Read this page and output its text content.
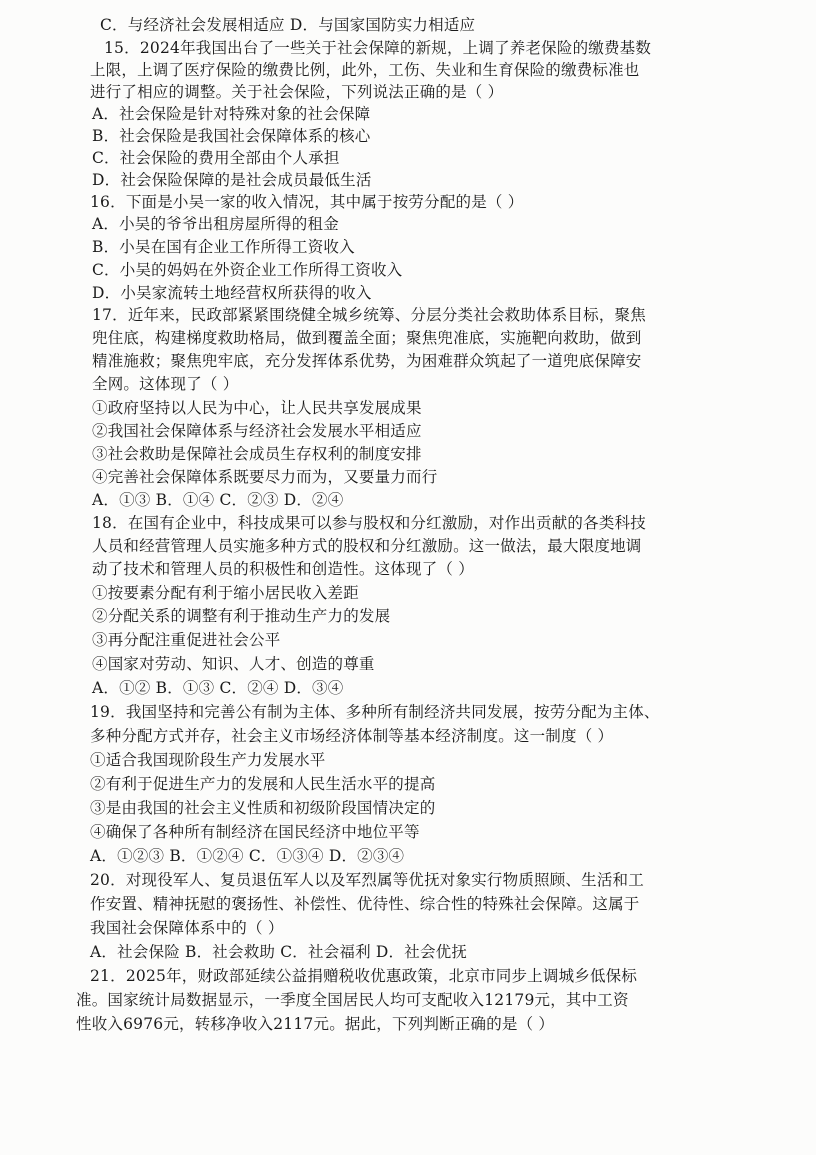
C．与经济社会发展相适应 D．与国家国防实力相适应
15．2024年我国出台了一些关于社会保障的新规，上调了养老保险的缴费基数
上限，上调了医疗保险的缴费比例，此外，工伤、失业和生育保险的缴费标准也
进行了相应的调整。关于社会保险，下列说法正确的是（ ）
A．社会保险是针对特殊对象的社会保障
B．社会保险是我国社会保障体系的核心
C．社会保险的费用全部由个人承担
D．社会保险保障的是社会成员最低生活
16．下面是小吴一家的收入情况，其中属于按劳分配的是（ ）
A．小吴的爷爷出租房屋所得的租金
B．小吴在国有企业工作所得工资收入
C．小吴的妈妈在外资企业工作所得工资收入
D．小吴家流转土地经营权所获得的收入
17．近年来，民政部紧紧围绕健全城乡统筹、分层分类社会救助体系目标，聚焦
兜住底，构建梯度救助格局，做到覆盖全面；聚焦兜准底，实施靶向救助，做到
精准施救；聚焦兜牢底，充分发挥体系优势，为困难群众筑起了一道兜底保障安
全网。这体现了（ ）
①政府坚持以人民为中心，让人民共享发展成果
②我国社会保障体系与经济社会发展水平相适应
③社会救助是保障社会成员生存权利的制度安排
④完善社会保障体系既要尽力而为，又要量力而行
A．①③ B．①④ C．②③ D．②④
18．在国有企业中，科技成果可以参与股权和分红激励，对作出贡献的各类科技
人员和经营管理人员实施多种方式的股权和分红激励。这一做法，最大限度地调
动了技术和管理人员的积极性和创造性。这体现了（ ）
①按要素分配有利于缩小居民收入差距
②分配关系的调整有利于推动生产力的发展
③再分配注重促进社会公平
④国家对劳动、知识、人才、创造的尊重
A．①② B．①③ C．②④ D．③④
19．我国坚持和完善公有制为主体、多种所有制经济共同发展，按劳分配为主体、
多种分配方式并存，社会主义市场经济体制等基本经济制度。这一制度（ ）
①适合我国现阶段生产力发展水平
②有利于促进生产力的发展和人民生活水平的提高
③是由我国的社会主义性质和初级阶段国情决定的
④确保了各种所有制经济在国民经济中地位平等
A．①②③ B．①②④ C．①③④ D．②③④
20．对现役军人、复员退伍军人以及军烈属等优抚对象实行物质照顾、生活和工
作安置、精神抚慰的褒扬性、补偿性、优待性、综合性的特殊社会保障。这属于
我国社会保障体系中的（ ）
A．社会保险 B．社会救助 C．社会福利 D．社会优抚
21．2025年，财政部延续公益捐赠税收优惠政策，北京市同步上调城乡低保标
准。国家统计局数据显示，一季度全国居民人均可支配收入12179元，其中工资
性收入6976元，转移净收入2117元。据此，下列判断正确的是（ ）
